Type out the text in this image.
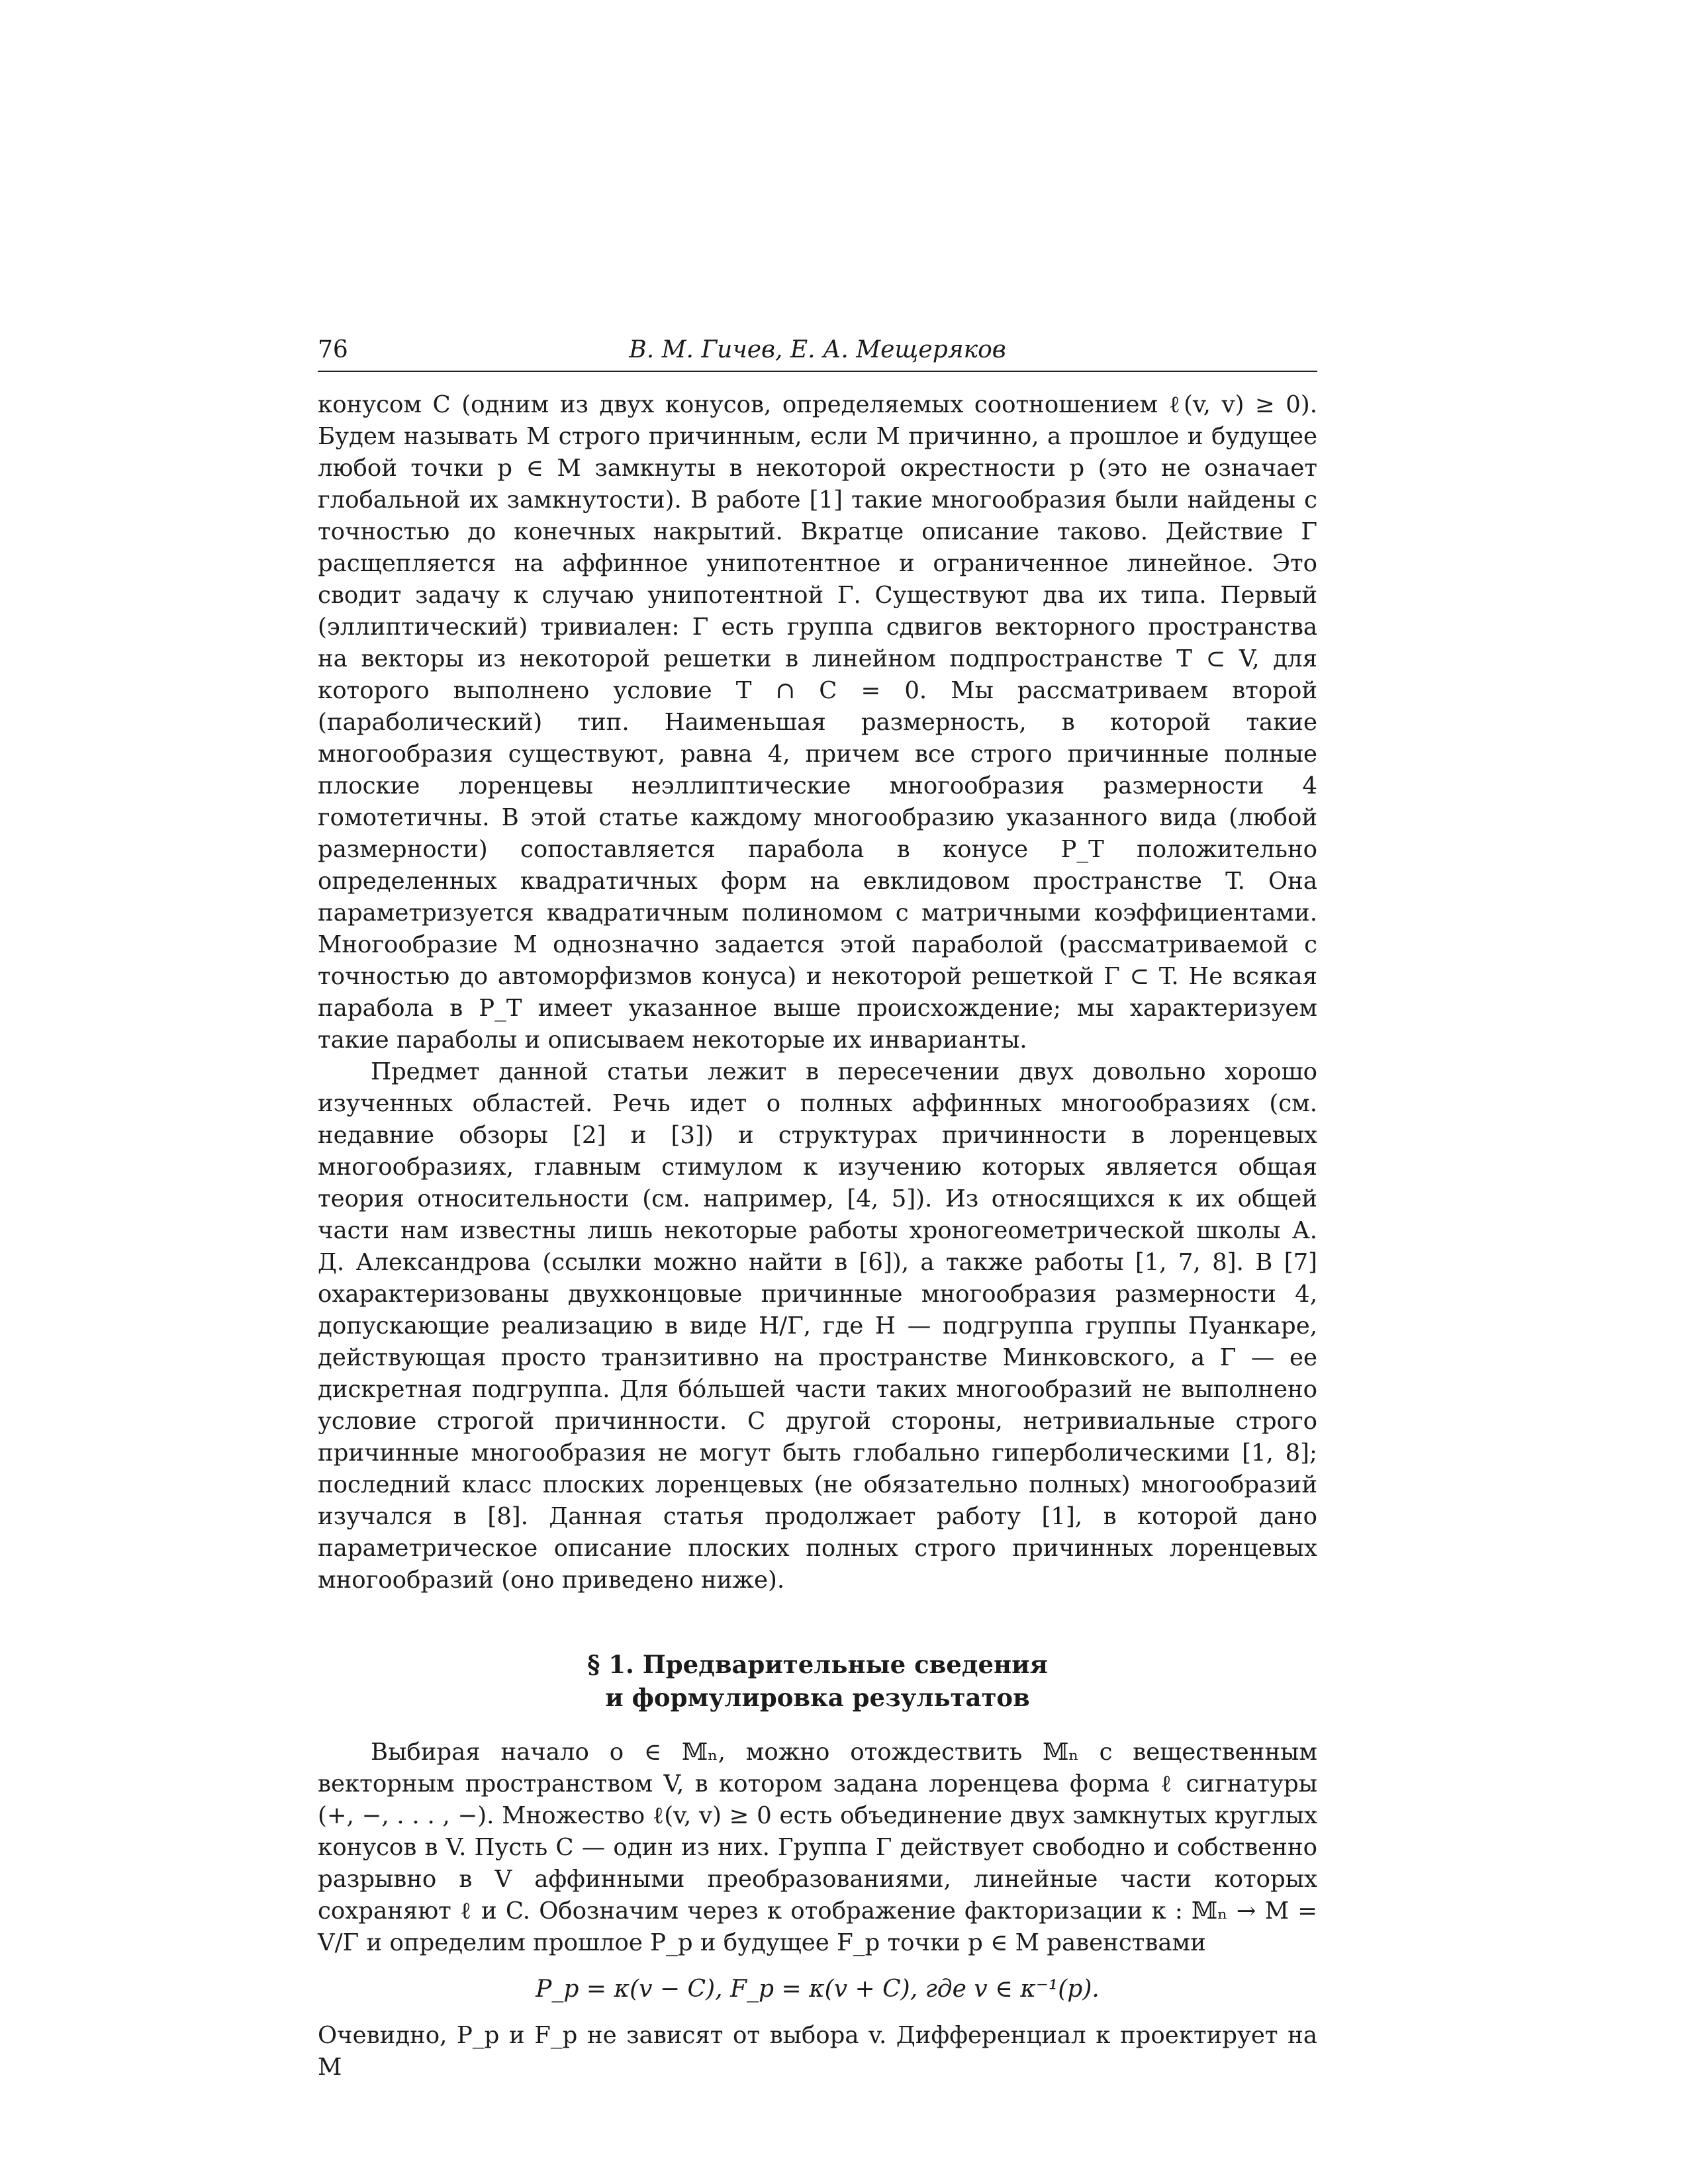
76	В. М. Гичев, Е. А. Мещеряков

конусом C (одним из двух конусов, определяемых соотношением ℓ(v, v) ≥ 0). Будем называть M строго причинным, если M причинно, а прошлое и будущее любой точки p ∈ M замкнуты в некоторой окрестности p (это не означает глобальной их замкнутости). В работе [1] такие многообразия были найдены с точностью до конечных накрытий. Вкратце описание таково. Действие Γ расщепляется на аффинное унипотентное и ограниченное линейное. Это сводит задачу к случаю унипотентной Γ. Существуют два их типа. Первый (эллиптический) тривиален: Γ есть группа сдвигов векторного пространства на векторы из некоторой решетки в линейном подпространстве T ⊂ V, для которого выполнено условие T ∩ C = 0. Мы рассматриваем второй (параболический) тип. Наименьшая размерность, в которой такие многообразия существуют, равна 4, причем все строго причинные полные плоские лоренцевы неэллиптические многообразия размерности 4 гомотетичны. В этой статье каждому многообразию указанного вида (любой размерности) сопоставляется парабола в конусе P_T положительно определенных квадратичных форм на евклидовом пространстве T. Она параметризуется квадратичным полиномом с матричными коэффициентами. Многообразие M однозначно задается этой параболой (рассматриваемой с точностью до автоморфизмов конуса) и некоторой решеткой Γ ⊂ T. Не всякая парабола в P_T имеет указанное выше происхождение; мы характеризуем такие параболы и описываем некоторые их инварианты.

Предмет данной статьи лежит в пересечении двух довольно хорошо изученных областей. Речь идет о полных аффинных многообразиях (см. недавние обзоры [2] и [3]) и структурах причинности в лоренцевых многообразиях, главным стимулом к изучению которых является общая теория относительности (см. например, [4, 5]). Из относящихся к их общей части нам известны лишь некоторые работы хроногеометрической школы А. Д. Александрова (ссылки можно найти в [6]), а также работы [1, 7, 8]. В [7] охарактеризованы двухконцовые причинные многообразия размерности 4, допускающие реализацию в виде H/Γ, где H — подгруппа группы Пуанкаре, действующая просто транзитивно на пространстве Минковского, а Γ — ее дискретная подгруппа. Для бо́льшей части таких многообразий не выполнено условие строгой причинности. С другой стороны, нетривиальные строго причинные многообразия не могут быть глобально гиперболическими [1, 8]; последний класс плоских лоренцевых (не обязательно полных) многообразий изучался в [8]. Данная статья продолжает работу [1], в которой дано параметрическое описание плоских полных строго причинных лоренцевых многообразий (оно приведено ниже).

§ 1. Предварительные сведения
и формулировка результатов

Выбирая начало o ∈ 𝕄ₙ, можно отождествить 𝕄ₙ с вещественным векторным пространством V, в котором задана лоренцева форма ℓ сигнатуры (+, −, . . . , −). Множество ℓ(v, v) ≥ 0 есть объединение двух замкнутых круглых конусов в V. Пусть C — один из них. Группа Γ действует свободно и собственно разрывно в V аффинными преобразованиями, линейные части которых сохраняют ℓ и C. Обозначим через κ отображение факторизации κ : 𝕄ₙ → M = V/Γ и определим прошлое P_p и будущее F_p точки p ∈ M равенствами

P_p = κ(v − C), F_p = κ(v + C), где v ∈ κ⁻¹(p).

Очевидно, P_p и F_p не зависят от выбора v. Дифференциал κ проектирует на M
